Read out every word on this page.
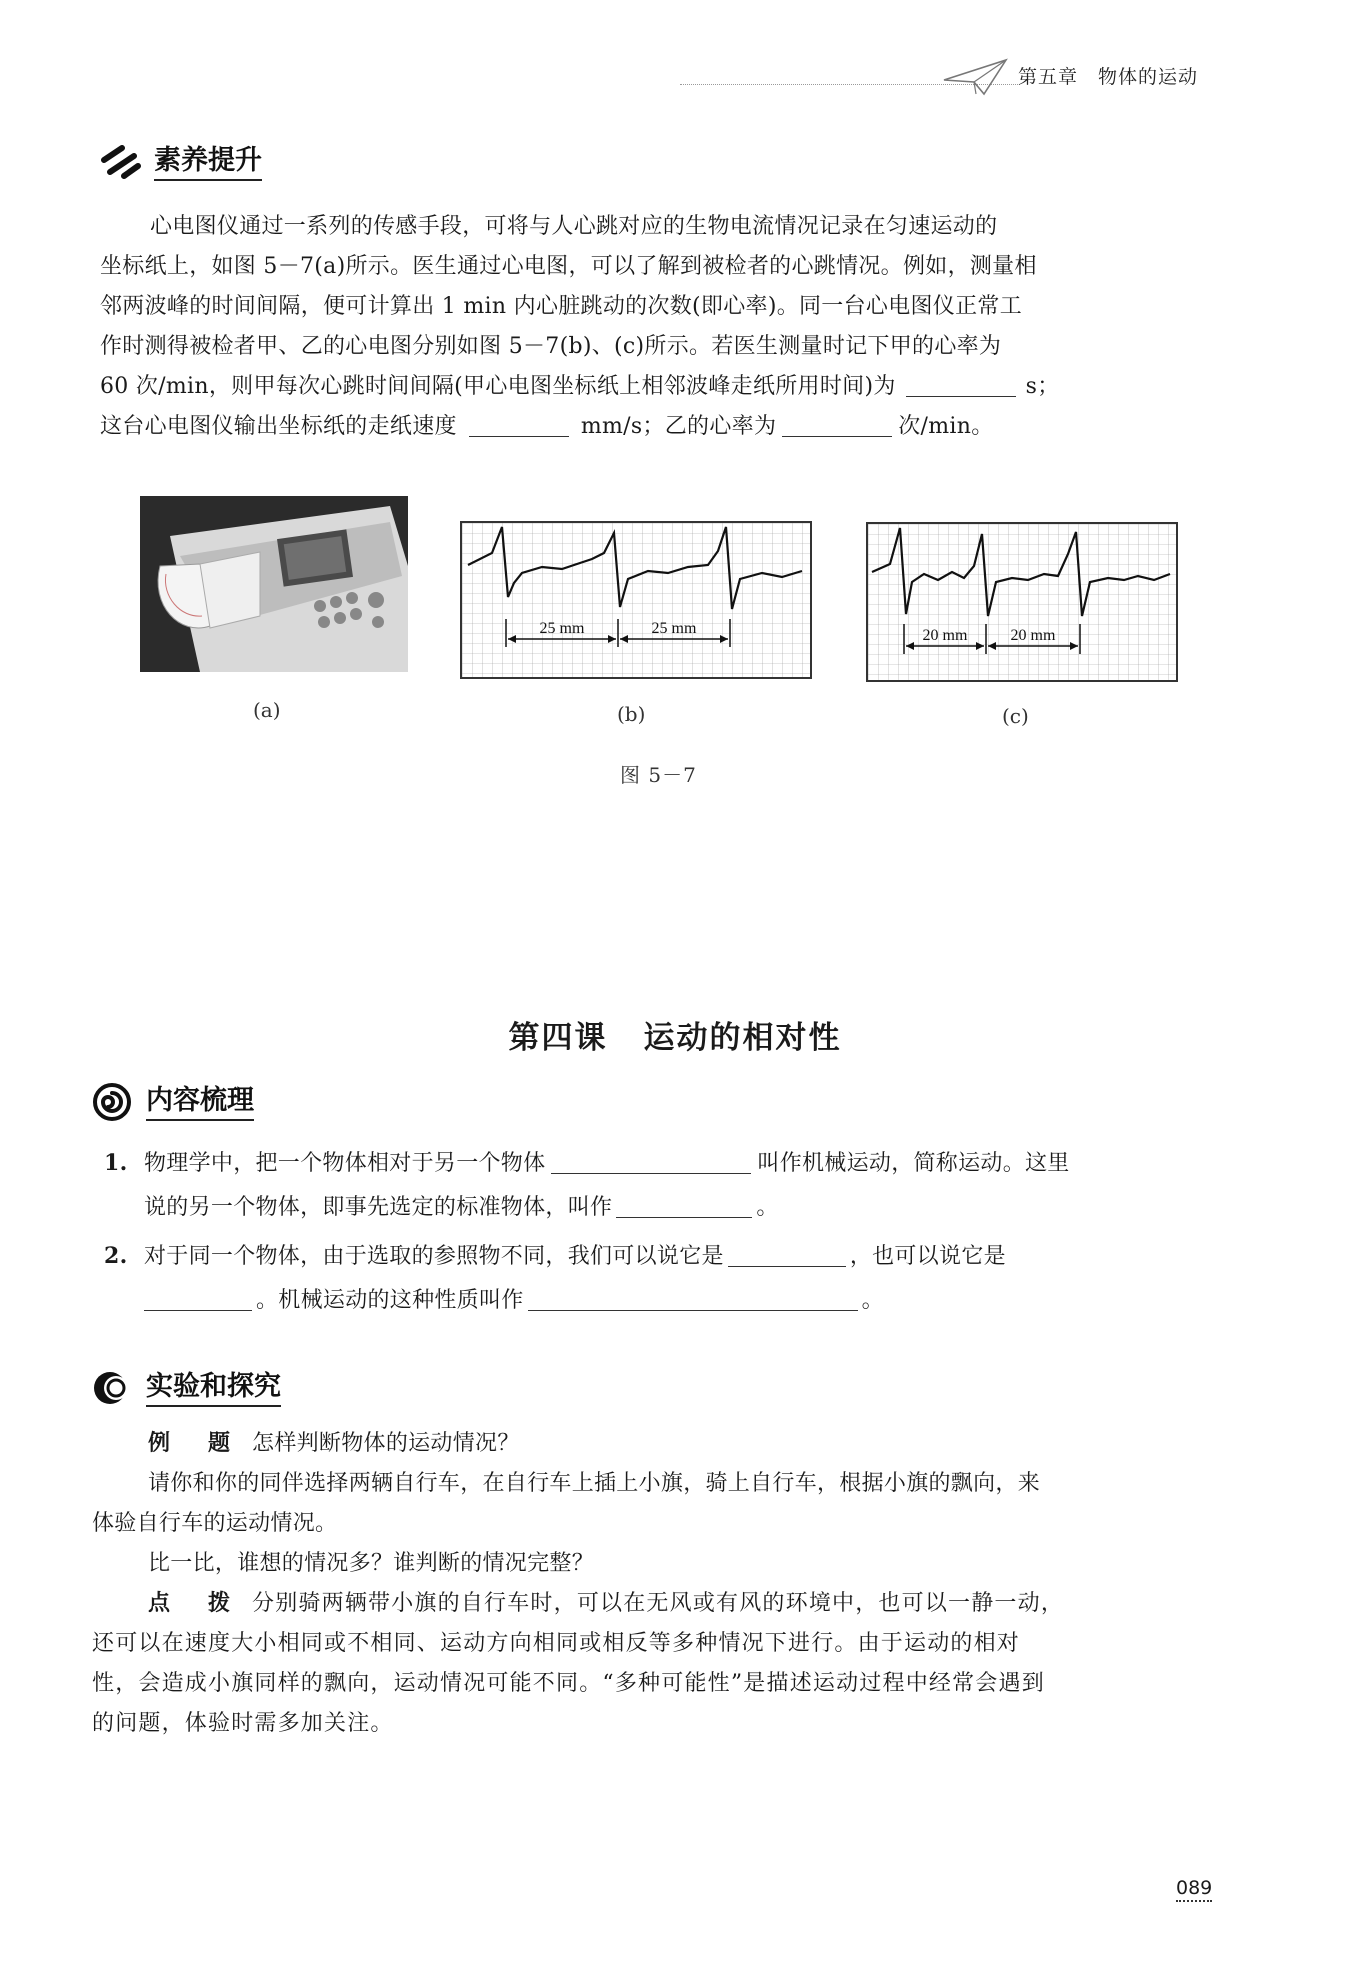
第五章 物体的运动
素养提升
心电图仪通过一系列的传感手段，可将与人心跳对应的生物电流情况记录在匀速运动的
坐标纸上，如图 5－7(a)所示。医生通过心电图，可以了解到被检者的心跳情况。例如，测量相
邻两波峰的时间间隔，便可计算出 1 min 内心脏跳动的次数(即心率)。同一台心电图仪正常工
作时测得被检者甲、乙的心电图分别如图 5－7(b)、(c)所示。若医生测量时记下甲的心率为
60 次/min，则甲每次心跳时间间隔(甲心电图坐标纸上相邻波峰走纸所用时间)为	s；
这台心电图仪输出坐标纸的走纸速度	mm/s；乙的心率为	次/min。
25 mm	25 mm	20 mm	20 mm
(a)	(b)	(c)
图 5－7
第四课 运动的相对性
内容梳理
1. 物理学中，把一个物体相对于另一个物体	叫作机械运动，简称运动。这里
说的另一个物体，即事先选定的标准物体，叫作	。
2. 对于同一个物体，由于选取的参照物不同，我们可以说它是	，也可以说它是
。机械运动的这种性质叫作	。
实验和探究
例　题 怎样判断物体的运动情况？
请你和你的同伴选择两辆自行车，在自行车上插上小旗，骑上自行车，根据小旗的飘向，来
体验自行车的运动情况。
比一比，谁想的情况多？谁判断的情况完整？
点　拨 分别骑两辆带小旗的自行车时，可以在无风或有风的环境中，也可以一静一动，
还可以在速度大小相同或不相同、运动方向相同或相反等多种情况下进行。由于运动的相对
性，会造成小旗同样的飘向，运动情况可能不同。“多种可能性”是描述运动过程中经常会遇到
的问题，体验时需多加关注。
089
